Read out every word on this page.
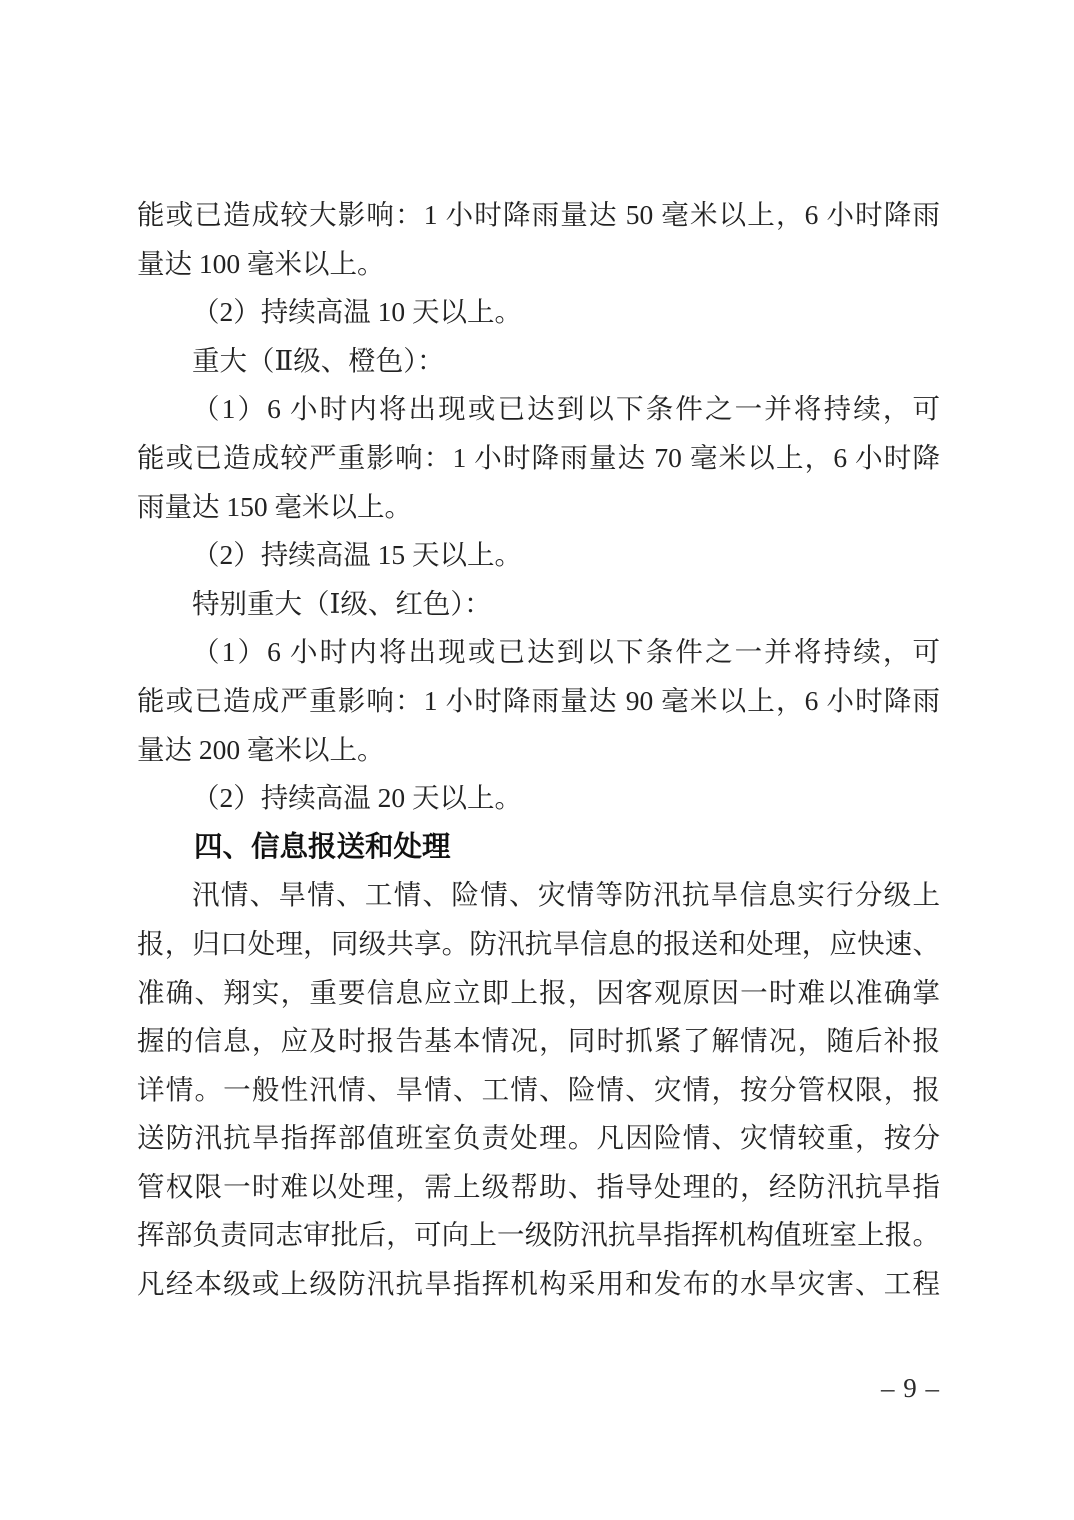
能或已造成较大影响：1 小时降雨量达 50 毫米以上，6 小时降雨
量达 100 毫米以上。

（2）持续高温 10 天以上。

重大（Ⅱ级、橙色）：

（1）6 小时内将出现或已达到以下条件之一并将持续，可
能或已造成较严重影响：1 小时降雨量达 70 毫米以上，6 小时降
雨量达 150 毫米以上。

（2）持续高温 15 天以上。

特别重大（Ⅰ级、红色）：

（1）6 小时内将出现或已达到以下条件之一并将持续，可
能或已造成严重影响：1 小时降雨量达 90 毫米以上，6 小时降雨
量达 200 毫米以上。

（2）持续高温 20 天以上。

四、信息报送和处理

汛情、旱情、工情、险情、灾情等防汛抗旱信息实行分级上
报，归口处理，同级共享。防汛抗旱信息的报送和处理，应快速、
准确、翔实，重要信息应立即上报，因客观原因一时难以准确掌
握的信息，应及时报告基本情况，同时抓紧了解情况，随后补报
详情。一般性汛情、旱情、工情、险情、灾情，按分管权限，报
送防汛抗旱指挥部值班室负责处理。凡因险情、灾情较重，按分
管权限一时难以处理，需上级帮助、指导处理的，经防汛抗旱指
挥部负责同志审批后，可向上一级防汛抗旱指挥机构值班室上报。
凡经本级或上级防汛抗旱指挥机构采用和发布的水旱灾害、工程

– 9 –
